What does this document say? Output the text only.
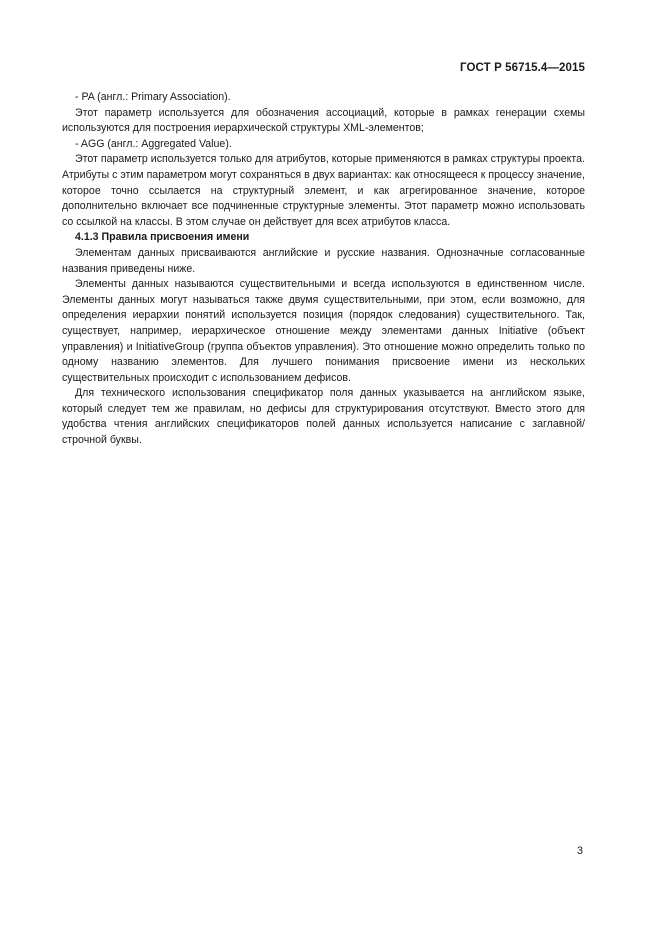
ГОСТ Р 56715.4—2015

- PA (англ.: Primary Association).

Этот параметр используется для обозначения ассоциаций, которые в рамках генерации схемы используются для построения иерархической структуры XML-элементов;

- AGG (англ.: Aggregated Value).

Этот параметр используется только для атрибутов, которые применяются в рамках структуры проекта. Атрибуты с этим параметром могут сохраняться в двух вариантах: как относящееся к процессу значение, которое точно ссылается на структурный элемент, и как агрегированное значение, которое дополнительно включает все подчиненные структурные элементы. Этот параметр можно использовать со ссылкой на классы. В этом случае он действует для всех атрибутов класса.

4.1.3 Правила присвоения имени

Элементам данных присваиваются английские и русские названия. Однозначные согласованные названия приведены ниже.

Элементы данных называются существительными и всегда используются в единственном числе. Элементы данных могут называться также двумя существительными, при этом, если возможно, для определения иерархии понятий используется позиция (порядок следования) существительного. Так, существует, например, иерархическое отношение между элементами данных Initiative (объект управления) и InitiativeGroup (группа объектов управления). Это отношение можно определить только по одному названию элементов. Для лучшего понимания присвоение имени из нескольких существительных происходит с использованием дефисов.

Для технического использования спецификатор поля данных указывается на английском языке, который следует тем же правилам, но дефисы для структурирования отсутствуют. Вместо этого для удобства чтения английских спецификаторов полей данных используется написание с заглавной/строчной буквы.

3
